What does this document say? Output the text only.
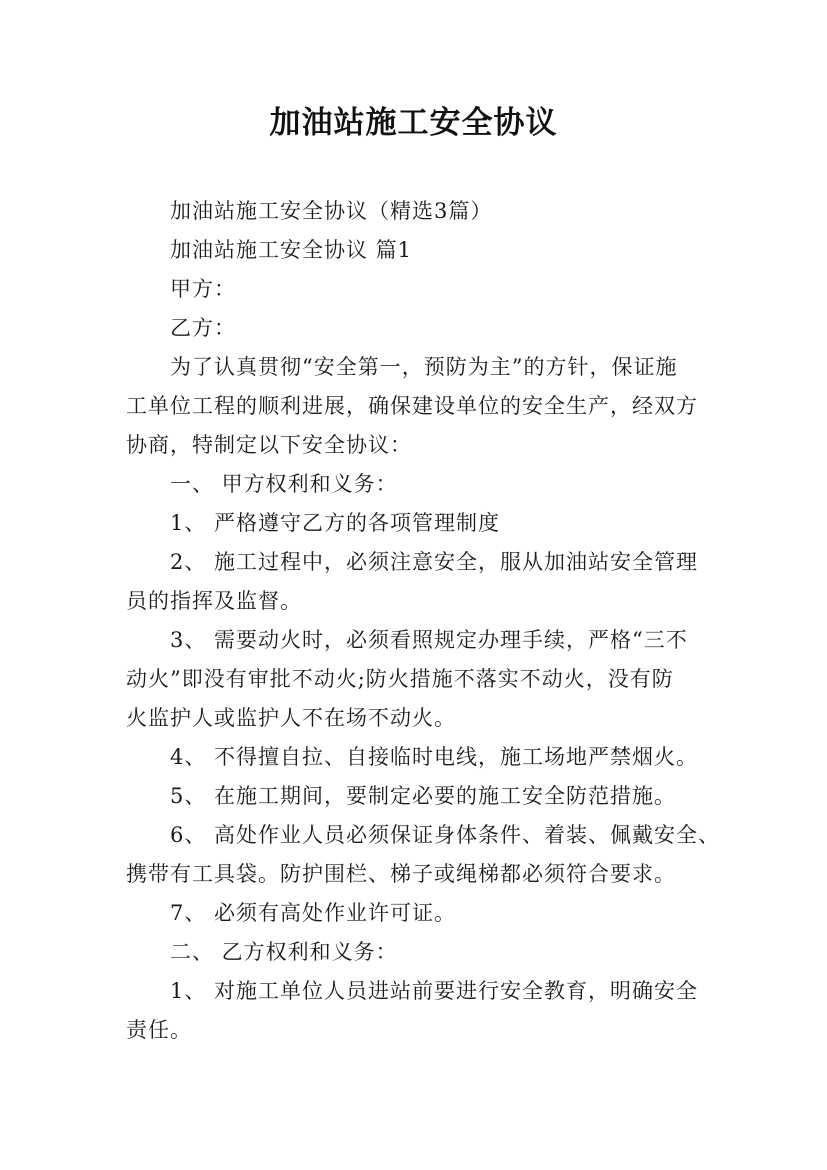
加油站施工安全协议
加油站施工安全协议（精选3篇）
加油站施工安全协议 篇1
甲方：
乙方：
为了认真贯彻“安全第一，预防为主”的方针，保证施
工单位工程的顺利进展，确保建设单位的安全生产，经双方
协商，特制定以下安全协议：
一、 甲方权利和义务：
1、 严格遵守乙方的各项管理制度
2、 施工过程中，必须注意安全，服从加油站安全管理
员的指挥及监督。
3、 需要动火时，必须看照规定办理手续，严格“三不
动火”即没有审批不动火;防火措施不落实不动火，没有防
火监护人或监护人不在场不动火。
4、 不得擅自拉、自接临时电线，施工场地严禁烟火。
5、 在施工期间，要制定必要的施工安全防范措施。
6、 高处作业人员必须保证身体条件、着装、佩戴安全、
携带有工具袋。防护围栏、梯子或绳梯都必须符合要求。
7、 必须有高处作业许可证。
二、 乙方权利和义务：
1、 对施工单位人员进站前要进行安全教育，明确安全
责任。
